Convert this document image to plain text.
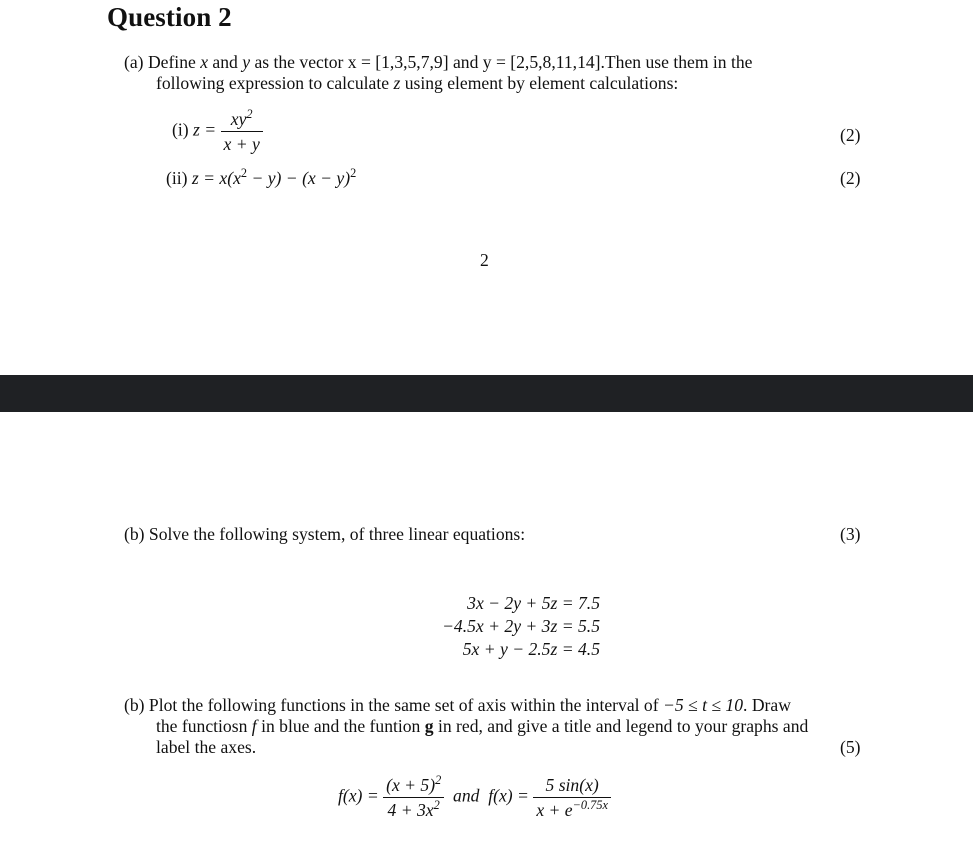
Question 2
(a) Define x and y as the vector x = [1,3,5,7,9] and y = [2,5,8,11,14].Then use them in the
following expression to calculate z using element by element calculations:
(i) $z = \frac{xy^2}{x + y}$	(2)
(ii) $z = x(x^2 - y) - (x - y)^2$	(2)
2
(b) Solve the following system, of three linear equations:	(3)
3x − 2y + 5z = 7.5
−4.5x + 2y + 3z = 5.5
5x + y − 2.5z = 4.5
(b) Plot the following functions in the same set of axis within the interval of −5 ≤ t ≤ 10. Draw
the functiosn f in blue and the funtion g in red, and give a title and legend to your graphs and
label the axes.	(5)
$f(x) = \frac{(x + 5)^2}{4 + 3x^2}$ and $f(x) = \frac{5 \sin(x)}{x + e^{-0.75x}}$
